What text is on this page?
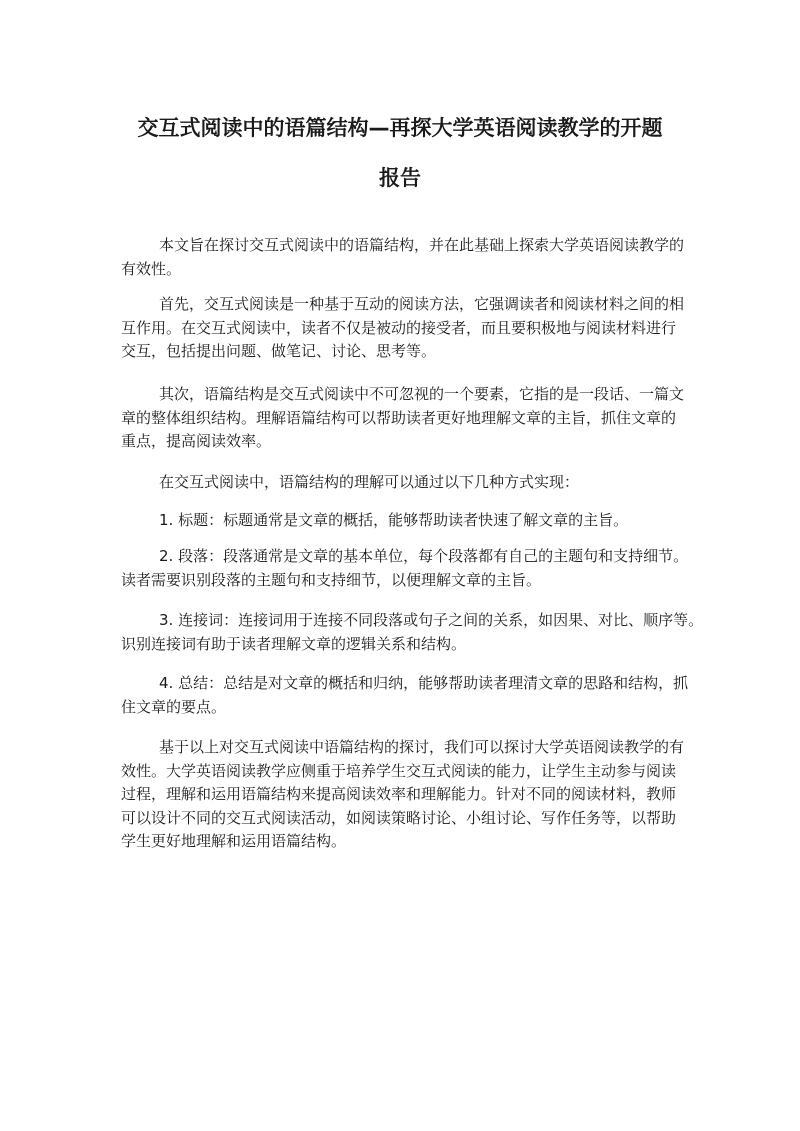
交互式阅读中的语篇结构—再探大学英语阅读教学的开题
报告

本文旨在探讨交互式阅读中的语篇结构，并在此基础上探索大学英语阅读教学的
有效性。

首先，交互式阅读是一种基于互动的阅读方法，它强调读者和阅读材料之间的相
互作用。在交互式阅读中，读者不仅是被动的接受者，而且要积极地与阅读材料进行
交互，包括提出问题、做笔记、讨论、思考等。

其次，语篇结构是交互式阅读中不可忽视的一个要素，它指的是一段话、一篇文
章的整体组织结构。理解语篇结构可以帮助读者更好地理解文章的主旨，抓住文章的
重点，提高阅读效率。

在交互式阅读中，语篇结构的理解可以通过以下几种方式实现：

1. 标题：标题通常是文章的概括，能够帮助读者快速了解文章的主旨。

2. 段落：段落通常是文章的基本单位，每个段落都有自己的主题句和支持细节。
读者需要识别段落的主题句和支持细节，以便理解文章的主旨。

3. 连接词：连接词用于连接不同段落或句子之间的关系，如因果、对比、顺序等。
识别连接词有助于读者理解文章的逻辑关系和结构。

4. 总结：总结是对文章的概括和归纳，能够帮助读者理清文章的思路和结构，抓
住文章的要点。

基于以上对交互式阅读中语篇结构的探讨，我们可以探讨大学英语阅读教学的有
效性。大学英语阅读教学应侧重于培养学生交互式阅读的能力，让学生主动参与阅读
过程，理解和运用语篇结构来提高阅读效率和理解能力。针对不同的阅读材料，教师
可以设计不同的交互式阅读活动，如阅读策略讨论、小组讨论、写作任务等，以帮助
学生更好地理解和运用语篇结构。
